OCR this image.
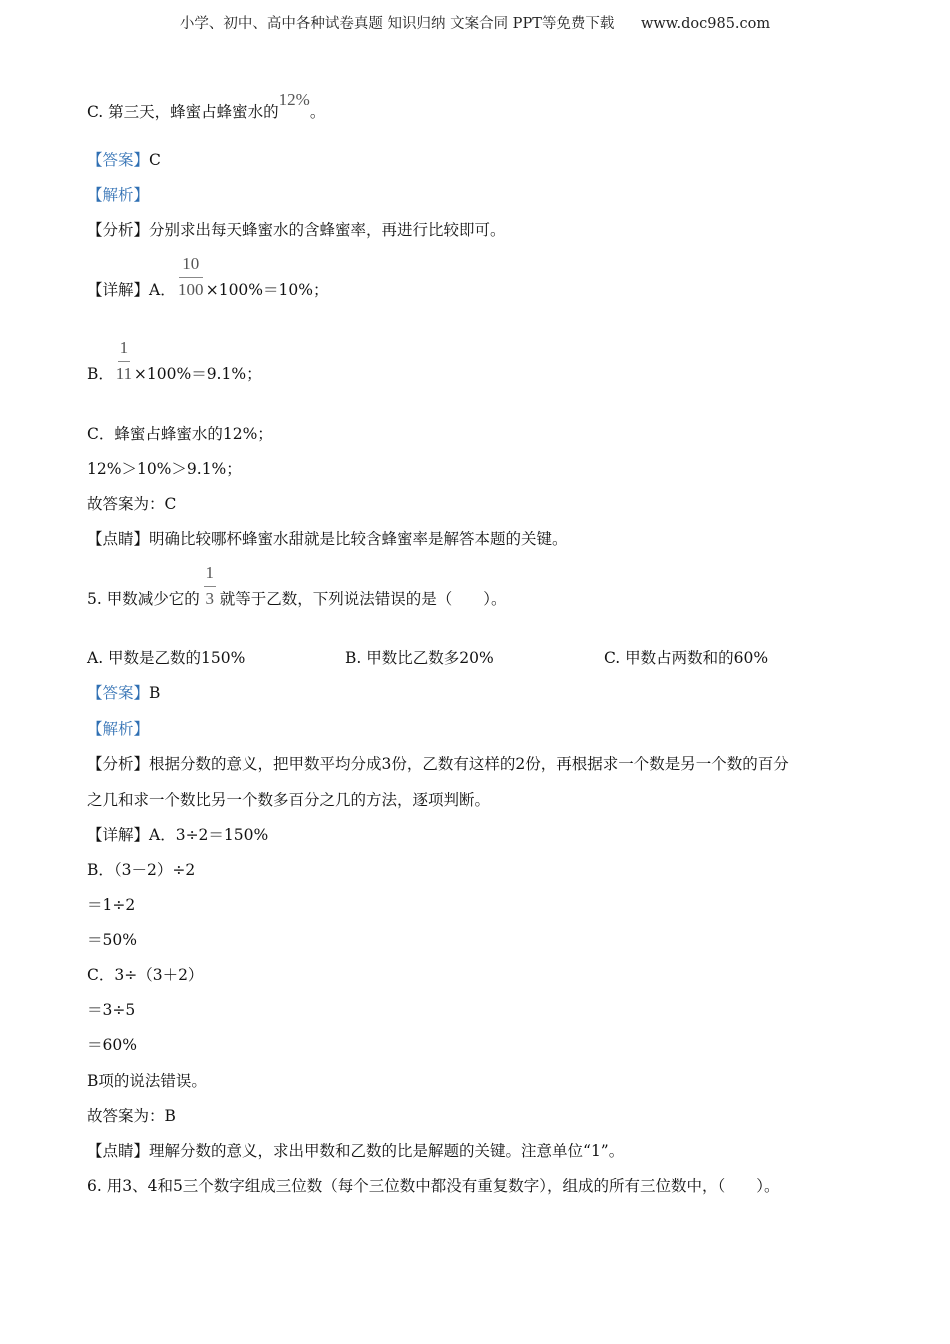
小学、初中、高中各种试卷真题 知识归纳 文案合同 PPT等免费下载 www.doc985.com
C. 第三天，蜂蜜占蜂蜜水的12%。
【答案】C
【解析】
【分析】分别求出每天蜂蜜水的含蜂蜜率，再进行比较即可。
【详解】A． $\frac{10}{100} \times 100\%=10\%$；
B． $\frac{1}{11} \times 100\%=9.1\%$；
C．蜂蜜占蜂蜜水的12%；
12%＞10%＞9.1%；
故答案为：C
【点睛】明确比较哪杯蜂蜜水甜就是比较含蜂蜜率是解答本题的关键。
5. 甲数减少它的 $\frac{1}{3}$ 就等于乙数，下列说法错误的是（　　）。
A. 甲数是乙数的150%	B. 甲数比乙数多20%	C. 甲数占两数和的60%
【答案】B
【解析】
【分析】根据分数的意义，把甲数平均分成3份，乙数有这样的2份，再根据求一个数是另一个数的百分
之几和求一个数比另一个数多百分之几的方法，逐项判断。
【详解】A．3÷2＝150%
B．（3－2）÷2
＝1÷2
＝50%
C．3÷（3＋2）
＝3÷5
＝60%
B项的说法错误。
故答案为：B
【点睛】理解分数的意义，求出甲数和乙数的比是解题的关键。注意单位“1”。
6. 用3、4和5三个数字组成三位数（每个三位数中都没有重复数字），组成的所有三位数中，（　　）。
